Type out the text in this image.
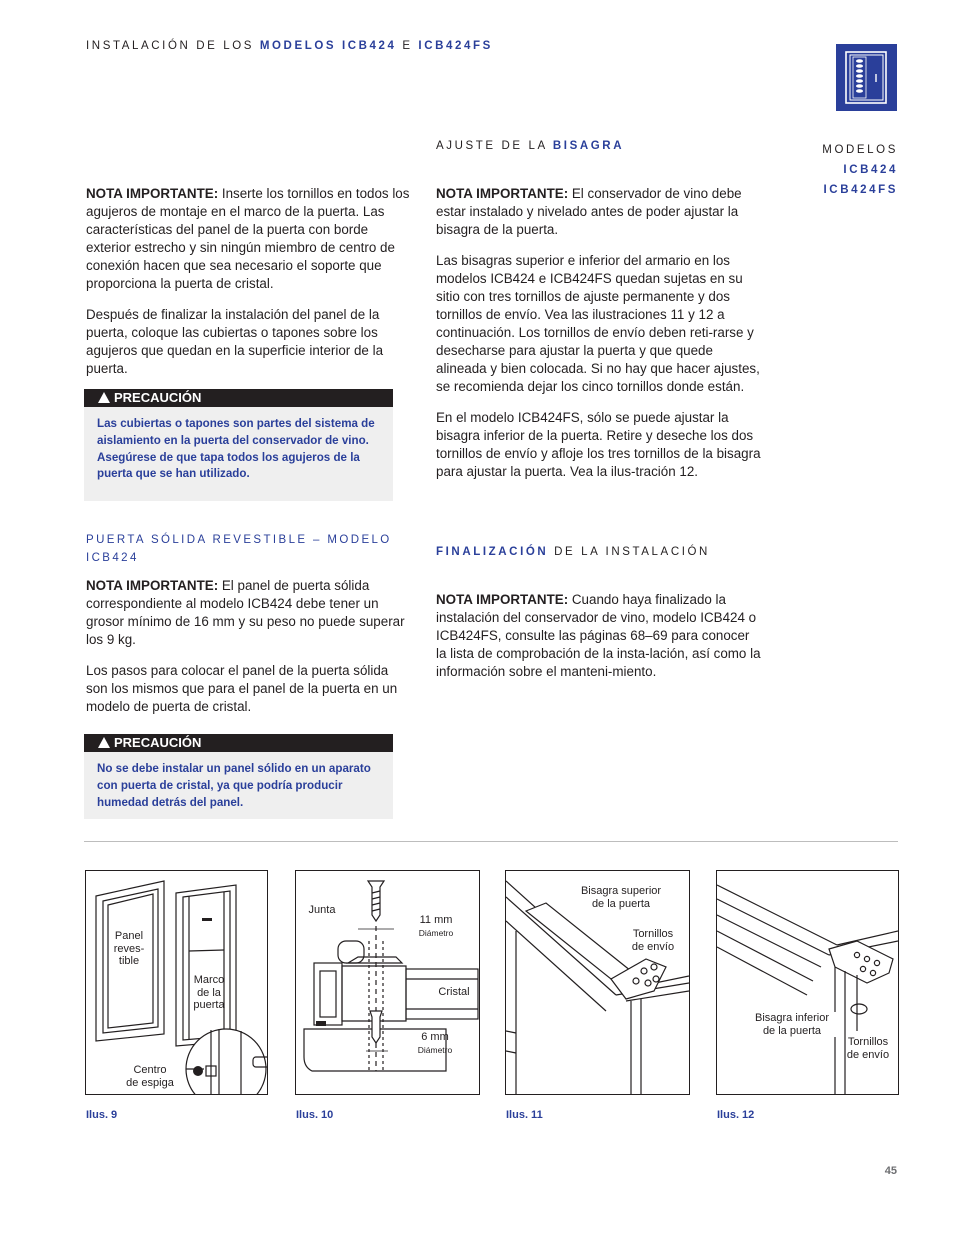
INSTALACIÓN DE LOS MODELOS ICB424 E ICB424FS
MODELOS
ICB424
ICB424FS

NOTA IMPORTANTE: Inserte los tornillos en todos los agujeros de montaje en el marco de la puerta. Las características del panel de la puerta con borde exterior estrecho y sin ningún miembro de centro de conexión hacen que sea necesario el soporte que proporciona la puerta de cristal.

Después de finalizar la instalación del panel de la puerta, coloque las cubiertas o tapones sobre los agujeros que quedan en la superficie interior de la puerta.

PRECAUCIÓN
Las cubiertas o tapones son partes del sistema de aislamiento en la puerta del conservador de vino. Asegúrese de que tapa todos los agujeros de la puerta que se han utilizado.
PUERTA SÓLIDA REVESTIBLE – MODELO
ICB424

NOTA IMPORTANTE: El panel de puerta sólida correspondiente al modelo ICB424 debe tener un grosor mínimo de 16 mm y su peso no puede superar los 9 kg.

Los pasos para colocar el panel de la puerta sólida son los mismos que para el panel de la puerta en un modelo de puerta de cristal.

PRECAUCIÓN
No se debe instalar un panel sólido en un aparato con puerta de cristal, ya que podría producir humedad detrás del panel.
AJUSTE DE LA BISAGRA

NOTA IMPORTANTE: El conservador de vino debe estar instalado y nivelado antes de poder ajustar la bisagra de la puerta.

Las bisagras superior e inferior del armario en los modelos ICB424 e ICB424FS quedan sujetas en su sitio con tres tornillos de ajuste permanente y dos tornillos de envío. Vea las ilustraciones 11 y 12 a continuación. Los tornillos de envío deben reti-rarse y desecharse para ajustar la puerta y que quede alineada y bien colocada. Si no hay que hacer ajustes, se recomienda dejar los cinco tornillos donde están.

En el modelo ICB424FS, sólo se puede ajustar la bisagra inferior de la puerta. Retire y deseche los dos tornillos de envío y afloje los tres tornillos de la bisagra para ajustar la puerta. Vea la ilus-tración 12.

FINALIZACIÓN DE LA INSTALACIÓN

NOTA IMPORTANTE: Cuando haya finalizado la instalación del conservador de vino, modelo ICB424 o ICB424FS, consulte las páginas 68–69 para conocer la lista de comprobación de la insta-lación, así como la información sobre el manteni-miento.

Panel
reves-
tible
Marco
de la
puerta
Centro
de espiga
Ilus. 9
Junta
11 mm
Diámetro
Cristal
6 mm
Diámetro
Ilus. 10
Bisagra superior
de la puerta
Tornillos
de envío
Ilus. 11
Bisagra inferior
de la puerta
Tornillos
de envío
Ilus. 12
45
